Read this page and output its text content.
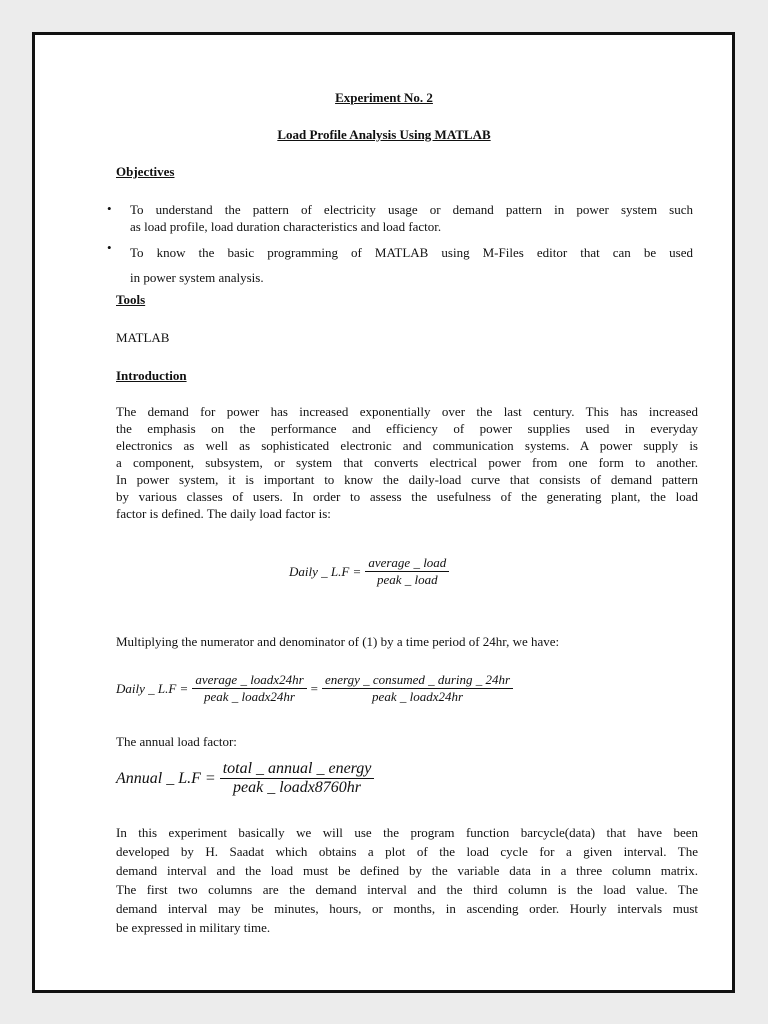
Experiment No. 2
Load Profile Analysis Using MATLAB
Objectives
• To understand the pattern of electricity usage or demand pattern in power system such
as load profile, load duration characteristics and load factor.
• To know the basic programming of MATLAB using M-Files editor that can be used
in power system analysis.
Tools
MATLAB
Introduction
The demand for power has increased exponentially over the last century. This has increased
the emphasis on the performance and efficiency of power supplies used in everyday
electronics as well as sophisticated electronic and communication systems. A power supply is
a component, subsystem, or system that converts electrical power from one form to another.
In power system, it is important to know the daily-load curve that consists of demand pattern
by various classes of users. In order to assess the usefulness of the generating plant, the load
factor is defined. The daily load factor is:
Daily _ $L.F = \frac{\text{average \_ load}}{\text{peak \_ load}}$
Multiplying the numerator and denominator of (1) by a time period of 24hr, we have:
Daily _ $L.F = \frac{\text{average \_ loadx24hr}}{\text{peak \_ loadx24hr}} = \frac{\text{energy \_ consumed \_ during \_ 24hr}}{\text{peak \_ loadx24hr}}$
The annual load factor:
Annual _ $L.F = \frac{\text{total \_ annual \_ energy}}{\text{peak \_ loadx8760hr}}$
In this experiment basically we will use the program function barcycle(data) that have been
developed by H. Saadat which obtains a plot of the load cycle for a given interval. The
demand interval and the load must be defined by the variable data in a three column matrix.
The first two columns are the demand interval and the third column is the load value. The
demand interval may be minutes, hours, or months, in ascending order. Hourly intervals must
be expressed in military time.
